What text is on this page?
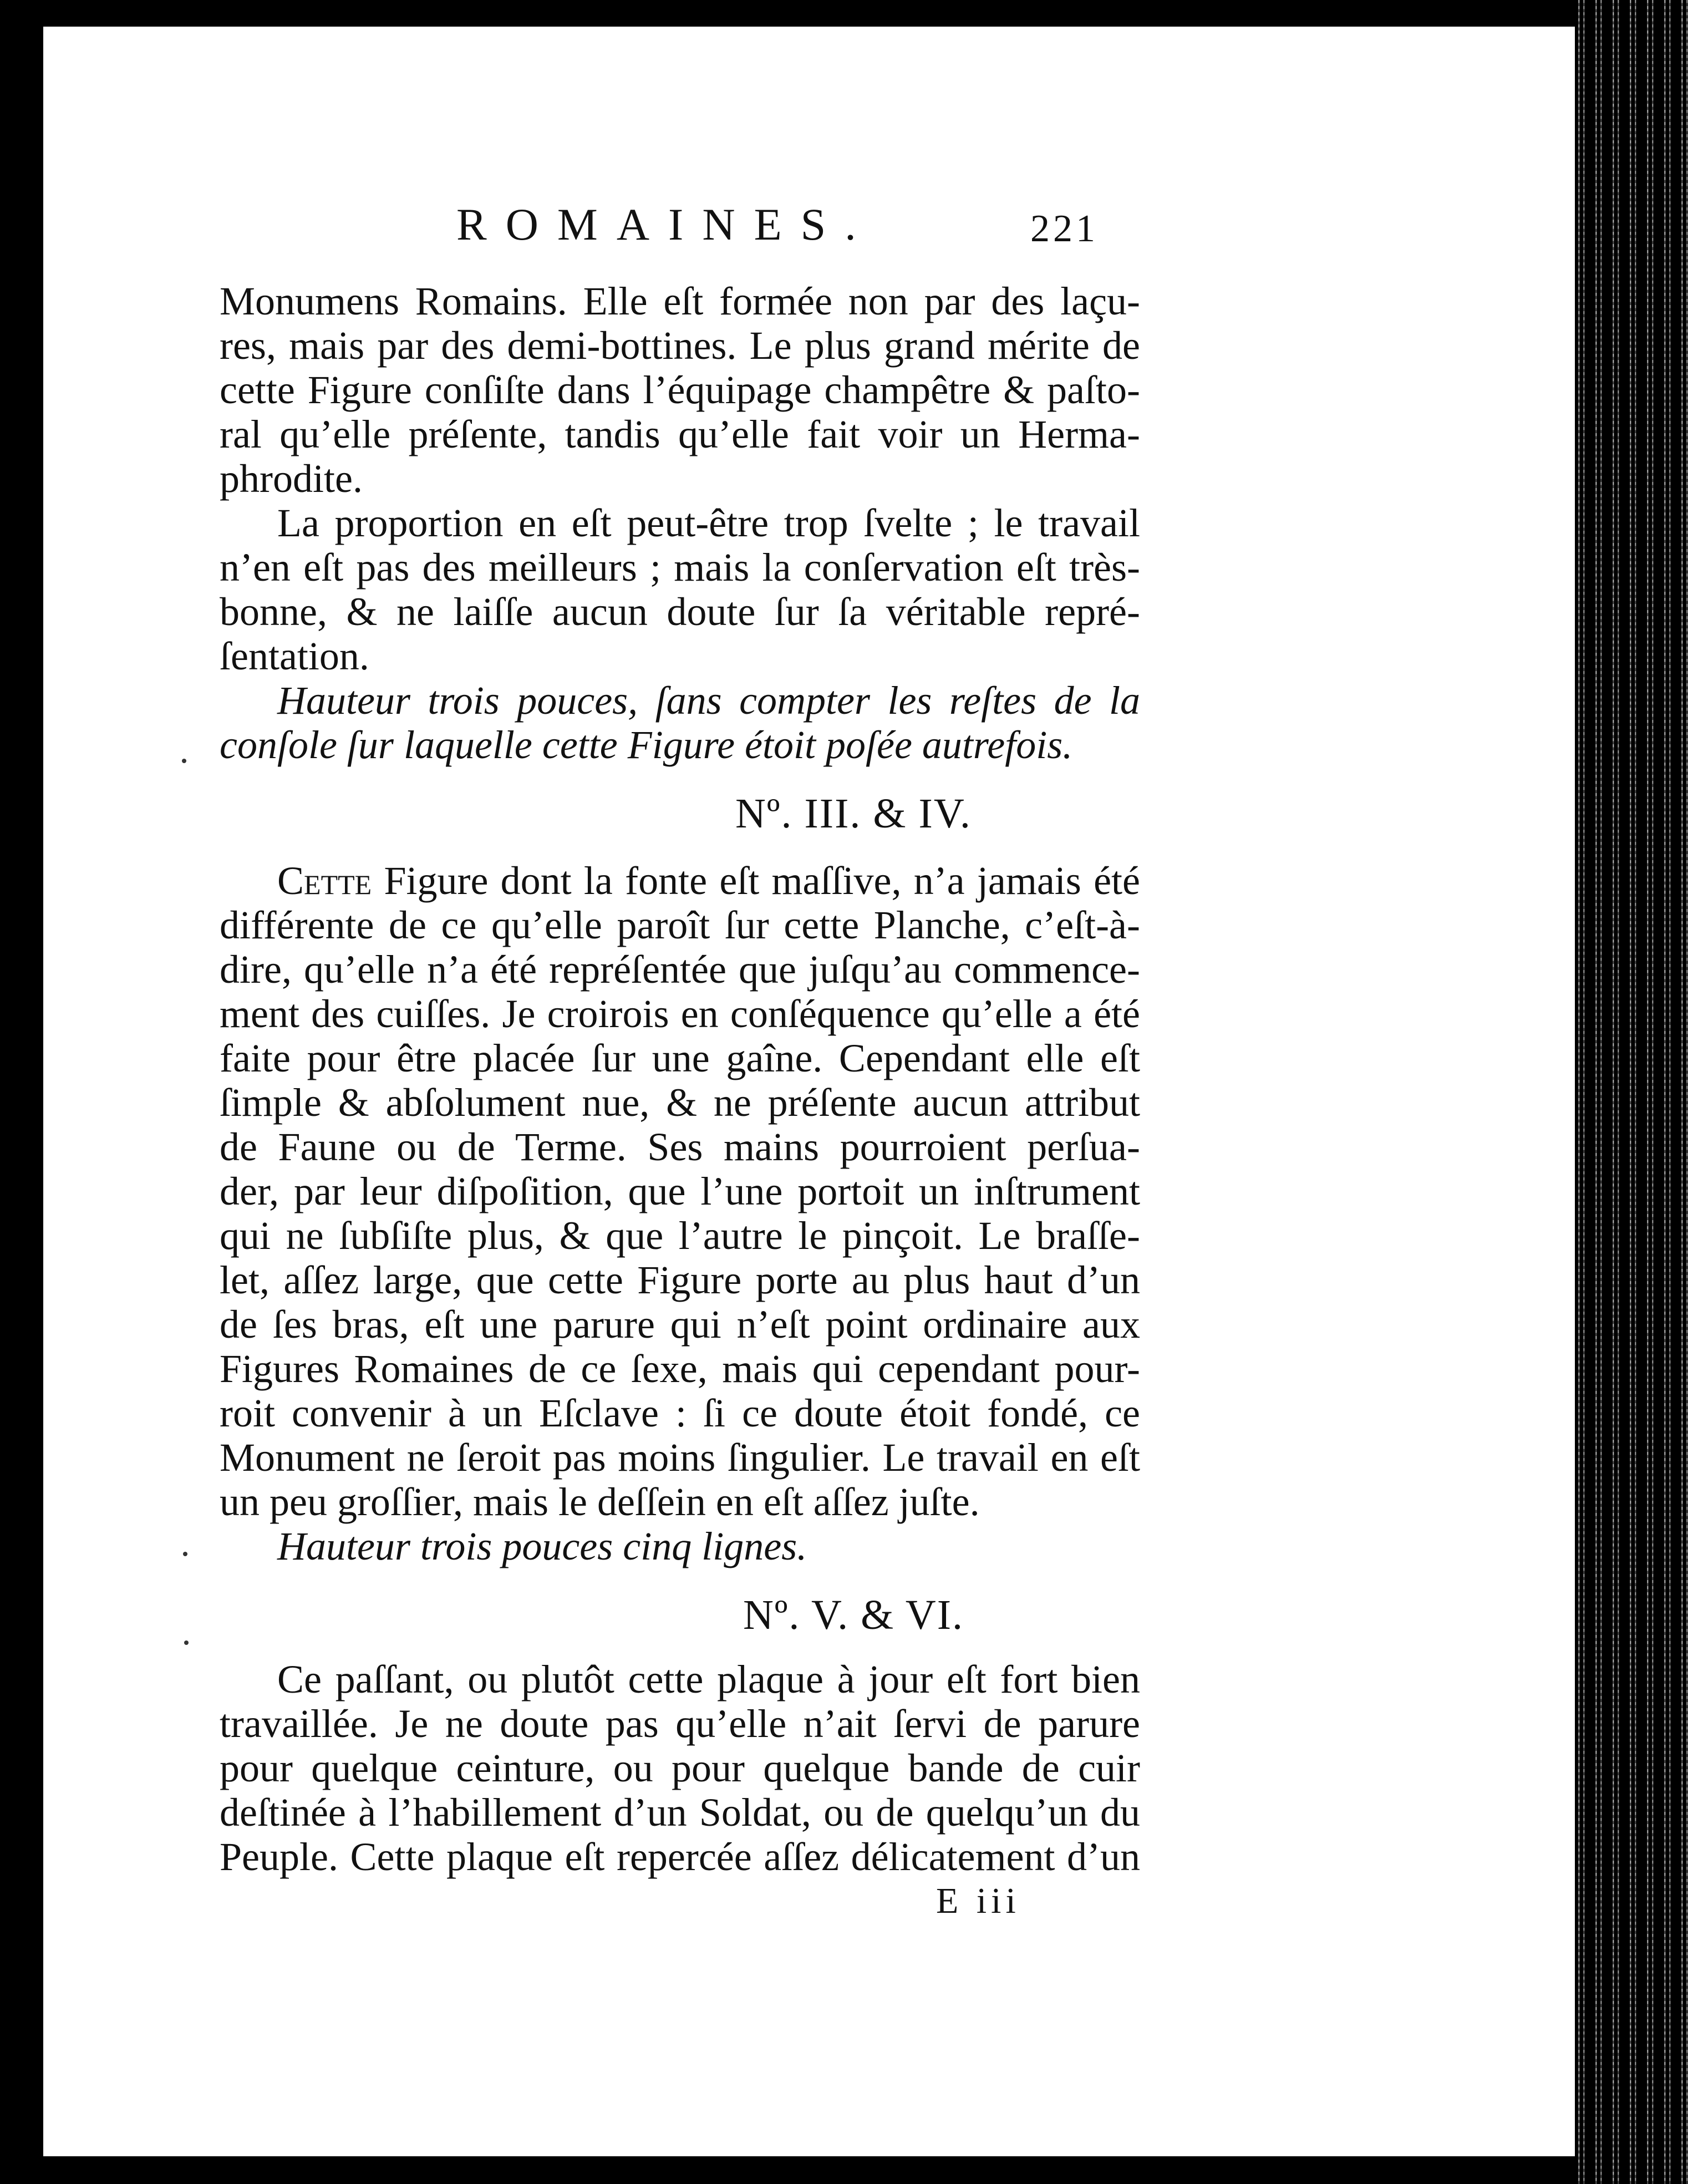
ROMAINES.	221
Monumens Romains. Elle eſt formée non par des laçu-
res, mais par des demi-bottines. Le plus grand mérite de
cette Figure conſiſte dans l’équipage champêtre & paſto-
ral qu’elle préſente, tandis qu’elle fait voir un Herma-
phrodite.
La proportion en eſt peut-être trop ſvelte ; le travail
n’en eſt pas des meilleurs ; mais la conſervation eſt très-
bonne, & ne laiſſe aucun doute ſur ſa véritable repré-
ſentation.
Hauteur trois pouces, ſans compter les reſtes de la
conſole ſur laquelle cette Figure étoit poſée autrefois.
Nº. III. & IV.
Cette Figure dont la fonte eſt maſſive, n’a jamais été
différente de ce qu’elle paroît ſur cette Planche, c’eſt-à-
dire, qu’elle n’a été repréſentée que juſqu’au commence-
ment des cuiſſes. Je croirois en conſéquence qu’elle a été
faite pour être placée ſur une gaîne. Cependant elle eſt
ſimple & abſolument nue, & ne préſente aucun attribut
de Faune ou de Terme. Ses mains pourroient perſua-
der, par leur diſpoſition, que l’une portoit un inſtrument
qui ne ſubſiſte plus, & que l’autre le pinçoit. Le braſſe-
let, aſſez large, que cette Figure porte au plus haut d’un
de ſes bras, eſt une parure qui n’eſt point ordinaire aux
Figures Romaines de ce ſexe, mais qui cependant pour-
roit convenir à un Eſclave : ſi ce doute étoit fondé, ce
Monument ne ſeroit pas moins ſingulier. Le travail en eſt
un peu groſſier, mais le deſſein en eſt aſſez juſte.
Hauteur trois pouces cinq lignes.
Nº. V. & VI.
Ce paſſant, ou plutôt cette plaque à jour eſt fort bien
travaillée. Je ne doute pas qu’elle n’ait ſervi de parure
pour quelque ceinture, ou pour quelque bande de cuir
deſtinée à l’habillement d’un Soldat, ou de quelqu’un du
Peuple. Cette plaque eſt repercée aſſez délicatement d’un
E iii
